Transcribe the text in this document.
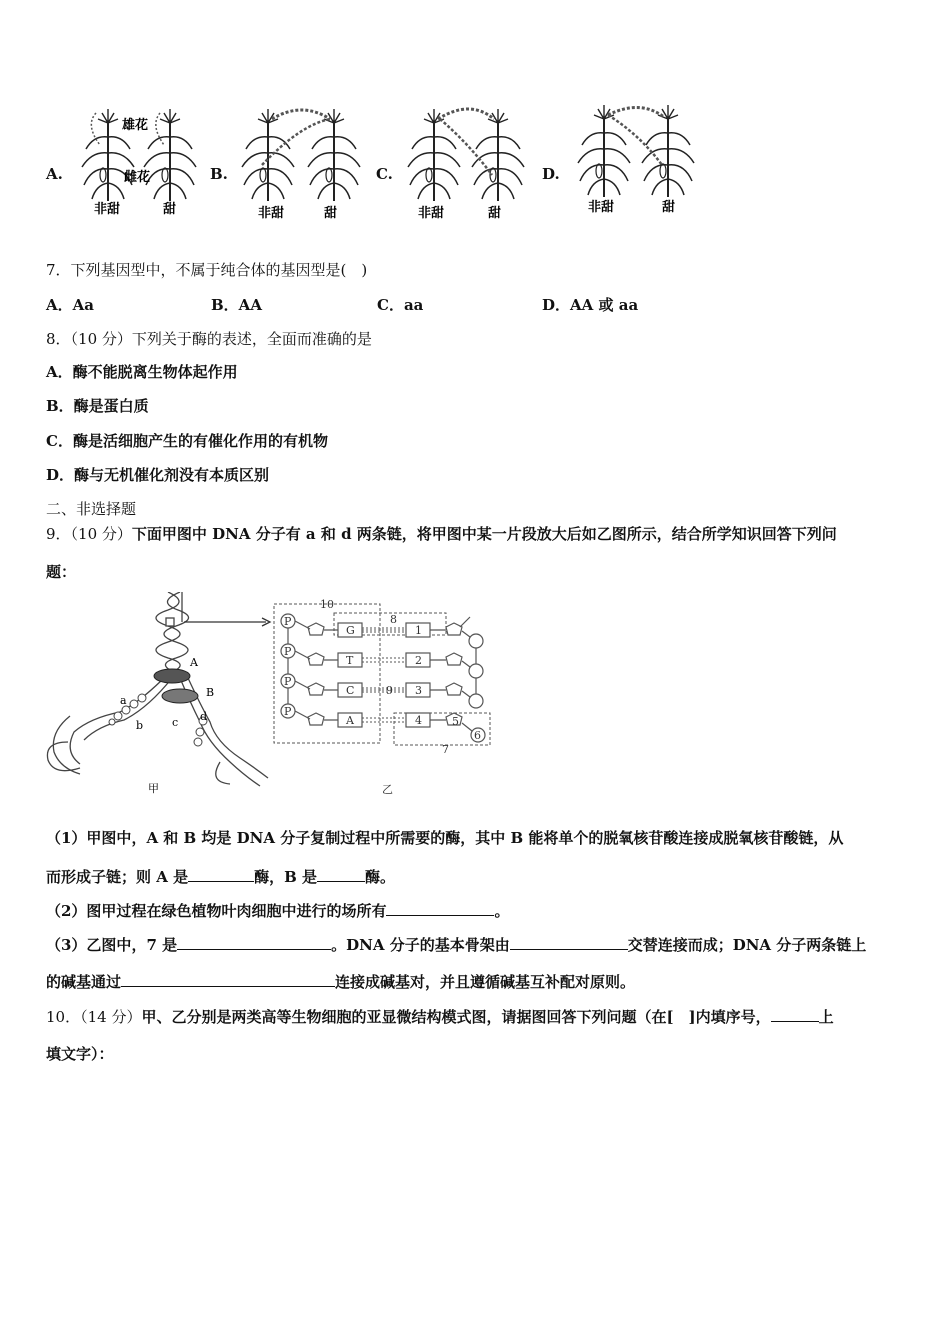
A.	B.	C.	D.
非甜	甜
雄花
雌花
非甜	甜	非甜	甜	非甜	甜
7．下列基因型中，不属于纯合体的基因型是(　)
A．Aa	B．AA	C．aa	D．AA 或 aa
8．（10 分）下列关于酶的表述，全面而准确的是
A．酶不能脱离生物体起作用
B．酶是蛋白质
C．酶是活细胞产生的有催化作用的有机物
D．酶与无机催化剂没有本质区别
二、非选择题
9．（10 分）下面甲图中 DNA 分子有 a 和 d 两条链，将甲图中某一片段放大后如乙图所示，结合所学知识回答下列问
题：
A
B
a
b	c d
甲
P
P
P
P
G
T
C
A
10
8
1
2
9 3
4	5
6
7
乙
（1）甲图中，A 和 B 均是 DNA 分子复制过程中所需要的酶，其中 B 能将单个的脱氧核苷酸连接成脱氧核苷酸链，从
而形成子链；则 A 是	酶，B 是	酶。
（2）图甲过程在绿色植物叶肉细胞中进行的场所有	。
（3）乙图中，7 是	。DNA 分子的基本骨架由	交替连接而成；DNA 分子两条链上
的碱基通过	连接成碱基对，并且遵循碱基互补配对原则。
10．（14 分）甲、乙分别是两类高等生物细胞的亚显微结构模式图，请据图回答下列问题（在[　]内填序号，	上
填文字）：
